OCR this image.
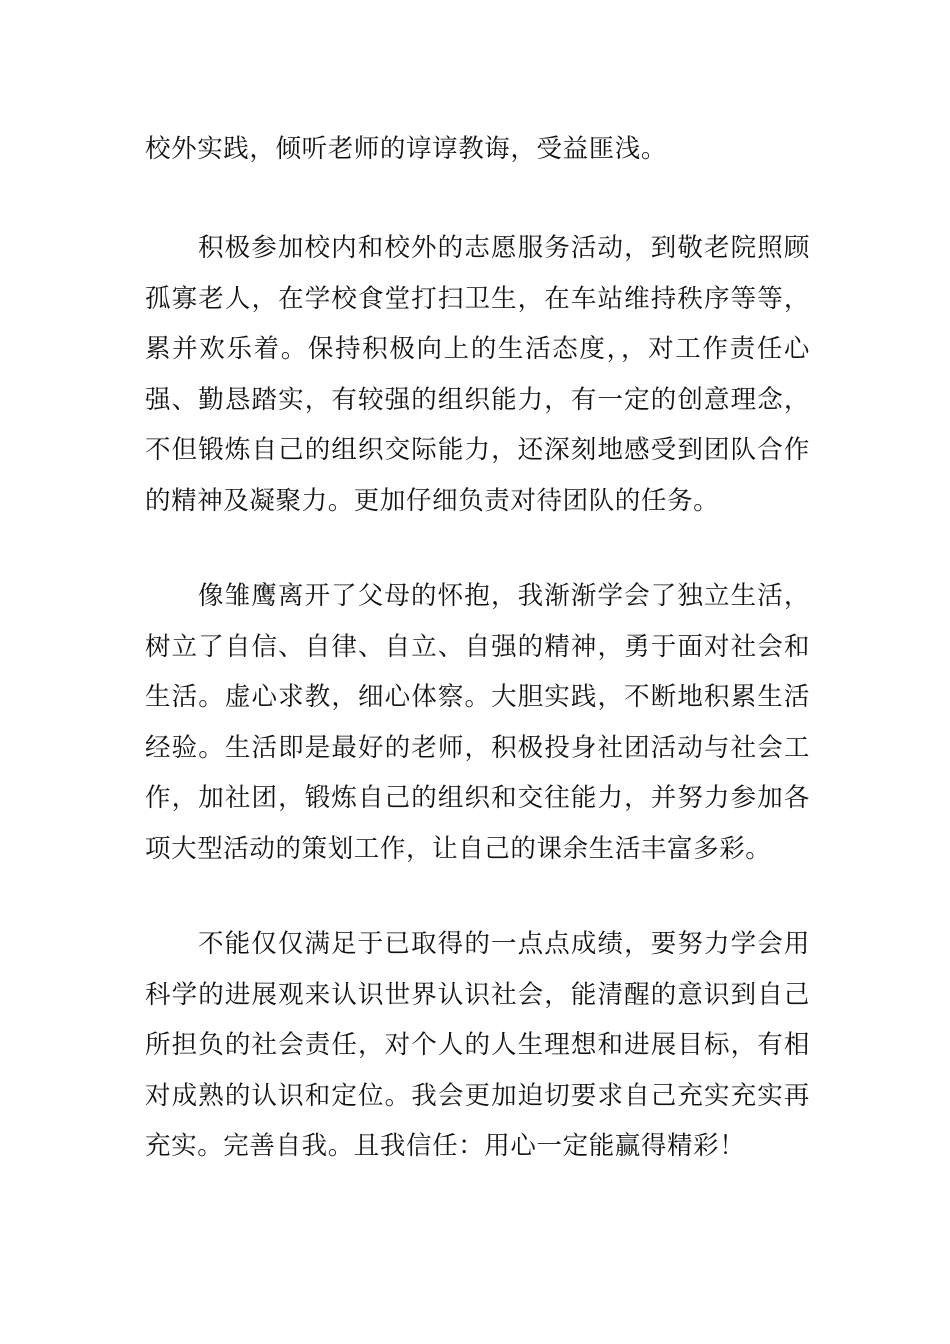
校外实践，倾听老师的谆谆教诲，受益匪浅。

积极参加校内和校外的志愿服务活动，到敬老院照顾孤寡老人，在学校食堂打扫卫生，在车站维持秩序等等，累并欢乐着。保持积极向上的生活态度，，对工作责任心强、勤恳踏实，有较强的组织能力，有一定的创意理念，不但锻炼自己的组织交际能力，还深刻地感受到团队合作的精神及凝聚力。更加仔细负责对待团队的任务。

像雏鹰离开了父母的怀抱，我渐渐学会了独立生活，树立了自信、自律、自立、自强的精神，勇于面对社会和生活。虚心求教，细心体察。大胆实践，不断地积累生活经验。生活即是最好的老师，积极投身社团活动与社会工作，加社团，锻炼自己的组织和交往能力，并努力参加各项大型活动的策划工作，让自己的课余生活丰富多彩。

不能仅仅满足于已取得的一点点成绩，要努力学会用科学的进展观来认识世界认识社会，能清醒的意识到自己所担负的社会责任，对个人的人生理想和进展目标，有相对成熟的认识和定位。我会更加迫切要求自己充实充实再充实。完善自我。且我信任：用心一定能赢得精彩！
